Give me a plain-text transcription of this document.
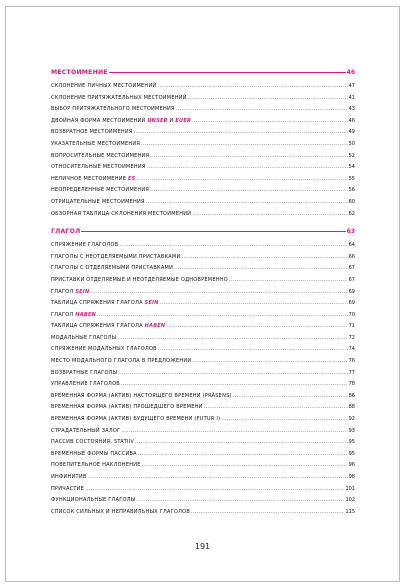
МЕСТОИМЕНИЕ	46
СКЛОНЕНИЕ ЛИЧНЫХ МЕСТОИМЕНИЙ .....	47
СКЛОНЕНИЕ ПРИТЯЖАТЕЛЬНЫХ МЕСТОИМЕНИЙ .....	41
ВЫБОР ПРИТЯЖАТЕЛЬНОГО МЕСТОИМЕНИЯ .....	43
ДВОЙНАЯ ФОРМА МЕСТОИМЕНИЙ UNSER И EUER .....	46
ВОЗВРАТНОЕ МЕСТОИМЕНИЯ .....	49
УКАЗАТЕЛЬНЫЕ МЕСТОИМЕНИЯ .....	50
ВОПРОСИТЕЛЬНЫЕ МЕСТОИМЕНИЯ .....	52
ОТНОСИТЕЛЬНЫЕ МЕСТОИМЕНИЯ .....	54
НЕЛИЧНОЕ МЕСТОИМЕНИЕ ES .....	55
НЕОПРЕДЕЛЕННЫЕ МЕСТОИМЕНИЯ .....	56
ОТРИЦАТЕЛЬНЫЕ МЕСТОИМЕНИЯ .....	60
ОБЗОРНАЯ ТАБЛИЦА СКЛОНЕНИЯ МЕСТОИМЕНИЙ .....	62
ГЛАГОЛ	63
СПРЯЖЕНИЕ ГЛАГОЛОВ .....	64
ГЛАГОЛЫ С НЕОТДЕЛЯЕМЫМИ ПРИСТАВКАМИ .....	66
ГЛАГОЛЫ С ОТДЕЛЯЕМЫМИ ПРИСТАВКАМИ .....	67
ПРИСТАВКИ ОТДЕЛЯЕМЫЕ И НЕОТДЕЛЯЕМЫЕ ОДНОВРЕМЕННО .....	67
ГЛАГОЛ SEIN .....	69
ТАБЛИЦА СПРЯЖЕНИЯ ГЛАГОЛА SEIN .....	69
ГЛАГОЛ HABEN .....	70
ТАБЛИЦА СПРЯЖЕНИЯ ГЛАГОЛА HABEN .....	71
МОДАЛЬНЫЕ ГЛАГОЛЫ .....	72
СПРЯЖЕНИЕ МОДАЛЬНЫХ ГЛАГОЛОВ .....	74
МЕСТО МОДАЛЬНОГО ГЛАГОЛА В ПРЕДЛОЖЕНИИ .....	76
ВОЗВРАТНЫЕ ГЛАГОЛЫ .....	77
УПРАВЛЕНИЕ ГЛАГОЛОВ .....	78
ВРЕМЕННАЯ ФОРМА (АКТИВ) НАСТОЯЩЕГО ВРЕМЕНИ (PRÄSENS) .....	86
ВРЕМЕННАЯ ФОРМА (АКТИВ) ПРОШЕДШЕГО ВРЕМЕНИ .....	88
ВРЕМЕННАЯ ФОРМА (АКТИВ) БУДУЩЕГО ВРЕМЕНИ (FUTUR I) .....	92
СТРАДАТЕЛЬНЫЙ ЗАЛОГ .....	93
ПАССИВ СОСТОЯНИЯ, STATIIV .....	95
ВРЕМЕННЫЕ ФОРМЫ ПАССИВА .....	95
ПОВЕЛИТЕЛЬНОЕ НАКЛОНЕНИЕ .....	96
ИНФИНИТИВ .....	98
ПРИЧАСТИЕ .....	101
ФУНКЦИОНАЛЬНЫЕ ГЛАГОЛЫ .....	102
СПИСОК СИЛЬНЫХ И НЕПРАВИЛЬНЫХ ГЛАГОЛОВ .....	115
191
